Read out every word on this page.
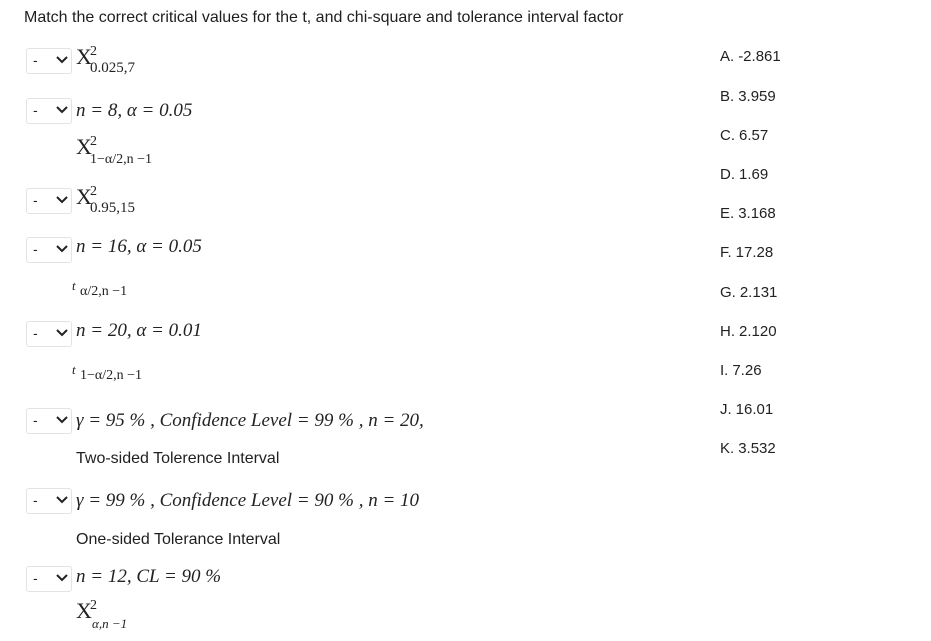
Match the correct critical values for the t, and chi-square and tolerance interval factor
- X
2
0.025,7
- n = 8, α = 0.05
X
2
1−α/2,n −1
- X
2
0.95,15
- n = 16, α = 0.05
t α/2,n −1
- n = 20, α = 0.01
t 1−α/2,n −1
- γ = 95 % , Confidence Level = 99 % , n = 20,
Two-sided Tolerence Interval
- γ = 99 % , Confidence Level = 90 % , n = 10
One-sided Tolerance Interval
- n = 12, CL = 90 %
X
2
α,n −1
A. -2.861
B. 3.959
C. 6.57
D. 1.69
E. 3.168
F. 17.28
G. 2.131
H. 2.120
I. 7.26
J. 16.01
K. 3.532
